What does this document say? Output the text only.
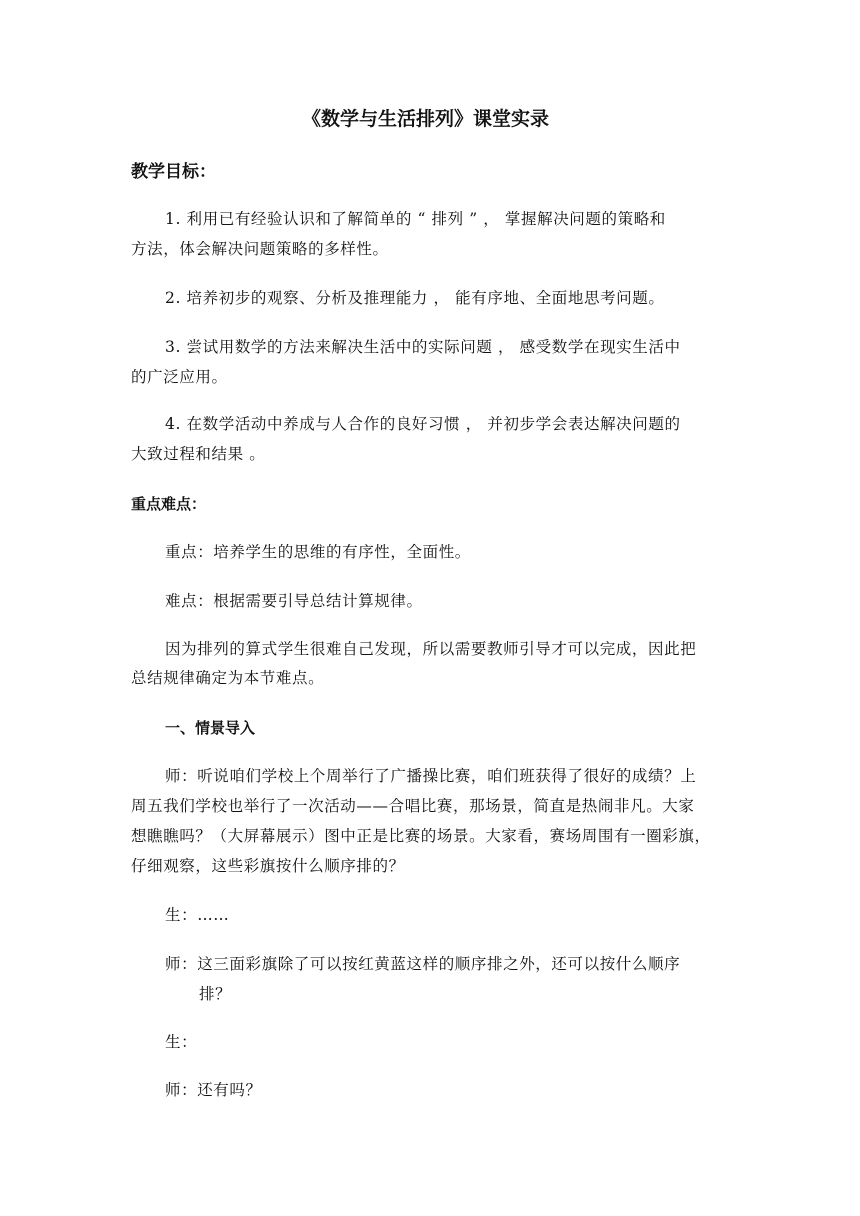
《数学与生活排列》课堂实录
教学目标：
1. 利用已有经验认识和了解简单的 “ 排列 ” ， 掌握解决问题的策略和
方法，体会解决问题策略的多样性。
2. 培养初步的观察、分析及推理能力 ， 能有序地、全面地思考问题。
3. 尝试用数学的方法来解决生活中的实际问题 ， 感受数学在现实生活中
的广泛应用。
4. 在数学活动中养成与人合作的良好习惯 ， 并初步学会表达解决问题的
大致过程和结果 。
重点难点：
重点：培养学生的思维的有序性，全面性。
难点：根据需要引导总结计算规律。
因为排列的算式学生很难自己发现，所以需要教师引导才可以完成，因此把
总结规律确定为本节难点。
一、情景导入
师：听说咱们学校上个周举行了广播操比赛，咱们班获得了很好的成绩？上
周五我们学校也举行了一次活动——合唱比赛，那场景，简直是热闹非凡。大家
想瞧瞧吗？（大屏幕展示）图中正是比赛的场景。大家看，赛场周围有一圈彩旗，
仔细观察，这些彩旗按什么顺序排的？
生：……
师：这三面彩旗除了可以按红黄蓝这样的顺序排之外，还可以按什么顺序
排？
生：
师：还有吗？
